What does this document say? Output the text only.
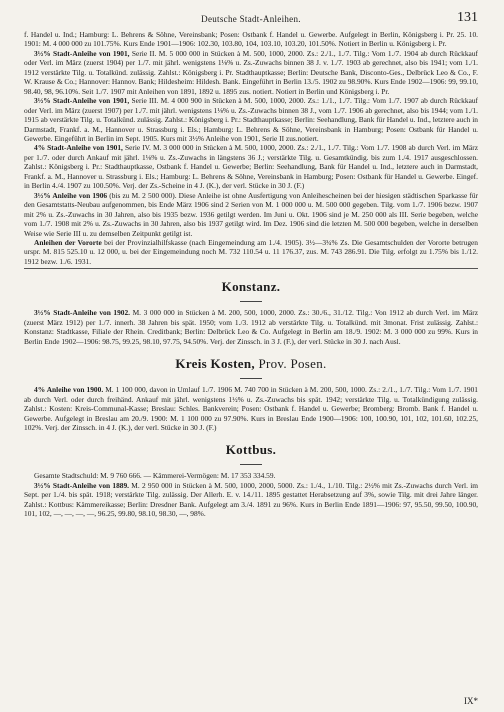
Deutsche Stadt-Anleihen.	131

f. Handel u. Ind.; Hamburg: L. Behrens & Söhne, Vereinsbank; Posen: Ostbank f. Handel u. Gewerbe. Aufgelegt in Berlin, Königsberg i. Pr. 25. 10. 1901: M. 4 000 000 zu 101.75%. Kurs Ende 1901—1906: 102.30, 103.80, 104, 103.10, 103.20, 101.50%. Notiert in Berlin u. Königsberg i. Pr.

3½% Stadt-Anleihe von 1901, Serie II. M. 5 000 000 in Stücken à M. 500, 1000, 2000. Zs.: 2./1., 1./7. Tilg.: Vom 1./7. 1904 ab durch Rückkauf oder Verl. im März (zuerst 1904) per 1./7. mit jährl. wenigstens 1⅛% u. Zs.-Zuwachs binnen 38 J. v. 1./7. 1903 ab gerechnet, also bis 1941; vom 1./1. 1912 verstärkte Tilg. u. Totalkünd. zulässig. Zahlst.: Königsberg i. Pr. Stadthauptkasse; Berlin: Deutsche Bank, Disconto-Ges., Delbrück Leo & Co., F. W. Krause & Co.; Hannover: Hannov. Bank; Hildesheim: Hildesh. Bank. Eingeführt in Berlin 13./5. 1902 zu 98.90%. Kurs Ende 1902—1906: 99, 99.10, 98.40, 98, 96.10%. Seit 1./7. 1907 mit Anleihen von 1891, 1892 u. 1895 zus. notiert. Notiert in Berlin und Königsberg i. Pr.

3½% Stadt-Anleihe von 1901, Serie III. M. 4 000 900 in Stücken à M. 500, 1000, 2000. Zs.: 1./1., 1./7. Tilg.: Vom 1./7. 1907 ab durch Rückkauf oder Verl. im März (zuerst 1907) per 1./7. mit jährl. wenigstens 1⅛% u. Zs.-Zuwachs binnen 38 J., vom 1./7. 1906 ab gerechnet, also bis 1944; vom 1./1. 1915 ab verstärkte Tilg. u. Totalkünd. zulässig. Zahlst.: Königsberg i. Pr.: Stadthauptkasse; Berlin: Seehandlung, Bank für Handel u. Ind., letztere auch in Darmstadt, Frankf. a. M., Hannover u. Strassburg i. Els.; Hamburg: L. Behrens & Söhne, Vereinsbank in Hamburg; Posen: Ostbank für Handel u. Gewerbe. Eingeführt in Berlin im Sept. 1905. Kurs mit 3½% Anleihe von 1901, Serie II zus.notiert.

4% Stadt-Anleihe von 1901, Serie IV. M. 3 000 000 in Stücken à M. 500, 1000, 2000. Zs.: 2./1., 1./7. Tilg.: Vom 1./7. 1908 ab durch Verl. im März per 1./7. oder durch Ankauf mit jährl. 1⅛% u. Zs.-Zuwachs in längstens 36 J.; verstärkte Tilg. u. Gesamtkündig. bis zum 1./4. 1917 ausgeschlossen. Zahlst.: Königsberg i. Pr.: Stadthauptkasse, Ostbank f. Handel u. Gewerbe; Berlin: Seehandlung, Bank für Handel u. Ind., letztere auch in Darmstadt, Frankf. a. M., Hannover u. Strassburg i. Els.; Hamburg: L. Behrens & Söhne, Vereinsbank in Hamburg; Posen: Ostbank für Handel u. Gewerbe. Eingef. in Berlin 4./4. 1907 zu 100.50%. Verj. der Zs.-Scheine in 4 J. (K.), der verl. Stücke in 30 J. (F.)

3½% Anleihe von 1906 (bis zu M. 2 500 000). Diese Anleihe ist ohne Ausfertigung von Anleihescheinen bei der hiesigen städtischen Sparkasse für den Gesamtstatts-Neubau aufgenommen, bis Ende März 1906 sind 2 Serien von M. 1 000 000 u. M. 500 000 gegeben. Tilg. vom 1./7. 1906 bezw. 1907 mit 2% u. Zs.-Zuwachs in 30 Jahren, also bis 1935 bezw. 1936 getilgt werden. Im Juni u. Okt. 1906 sind je M. 250 000 als III. Serie begeben, welche vom 1./7. 1908 mit 2% u. Zs.-Zuwachs in 30 Jahren, also bis 1937 getilgt wird. Im Dez. 1906 sind die letzten M. 500 000 begeben, welche in derselben Weise wie Serie III u. zu demselben Zeitpunkt getilgt ist.

Anleihen der Vororte bei der Provinzialhilfskasse (nach Eingemeindung am 1./4. 1905). 3½—3¾% Zs. Die Gesamtschulden der Vororte betrugen urspr. M. 815 525.10 u. 12 000, u. bei der Eingemeindung noch M. 732 110.54 u. 11 176.37, zus. M. 743 286.91. Die Tilg. erfolgt zu 1.75% bis 1./12. 1912 bezw. 1./6. 1931.

Konstanz.

3½% Stadt-Anleihe von 1902. M. 3 000 000 in Stücken à M. 200, 500, 1000, 2000. Zs.: 30./6., 31./12. Tilg.: Von 1912 ab durch Verl. im März (zuerst März 1912) per 1./7. innerh. 38 Jahren bis spät. 1950; vom 1./3. 1912 ab verstärkte Tilg. u. Totalkünd. mit 3monat. Frist zulässig. Zahlst.: Konstanz: Stadtkasse, Filiale der Rhein. Creditbank; Berlin: Delbrück Leo & Co. Aufgelegt in Berlin am 18./9. 1902: M. 3 000 000 zu 99%. Kurs in Berlin Ende 1902—1906: 98.75, 99.25, 98.10, 97.75, 94.50%. Verj. der Zinssch. in 3 J. (F.), der verl. Stücke in 30 J. nach Ausl.

Kreis Kosten, Prov. Posen.

4% Anleihe von 1900. M. 1 100 000, davon in Umlauf 1./7. 1906 M. 740 700 in Stücken à M. 200, 500, 1000. Zs.: 2./1., 1./7. Tilg.: Vom 1./7. 1901 ab durch Verl. oder durch freihänd. Ankauf mit jährl. wenigstens 1½% u. Zs.-Zuwachs bis spät. 1942; verstärkte Tilg. u. Totalkündigung zulässig. Zahlst.: Kosten: Kreis-Communal-Kasse; Breslau: Schles. Bankverein; Posen: Ostbank f. Handel u. Gewerbe; Bromberg: Bromb. Bank f. Handel u. Gewerbe. Aufgelegt in Breslau am 20./9. 1900: M. 1 100 000 zu 97.90%. Kurs in Breslau Ende 1900—1906: 100, 100.90, 101, 102, 101.60, 102.25, 102%. Verj. der Zinssch. in 4 J. (K.), der verl. Stücke in 30 J. (F.)

Kottbus.

Gesamte Stadtschuld: M. 9 760 666. — Kämmerei-Vermögen: M. 17 353 334.59.

3½% Stadt-Anleihe von 1889. M. 2 950 000 in Stücken à M. 500, 1000, 2000, 5000. Zs.: 1./4., 1./10. Tilg.: 2½% mit Zs.-Zuwachs durch Verl. im Sept. per 1./4. bis spät. 1918; verstärkte Tilg. zulässig. Der Allerh. E. v. 14./11. 1895 gestattet Herabsetzung auf 3%, sowie Tilg. mit drei Jahre länger. Zahlst.: Kottbus: Kämmereikasse; Berlin: Dresdner Bank. Aufgelegt am 3./4. 1891 zu 96%. Kurs in Berlin Ende 1891—1906: 97, 95.50, 99.50, 100.90, 101, 102, —, —, —, —, 96.25, 99.80, 98.10, 98.30, —, 98%.

IX*
